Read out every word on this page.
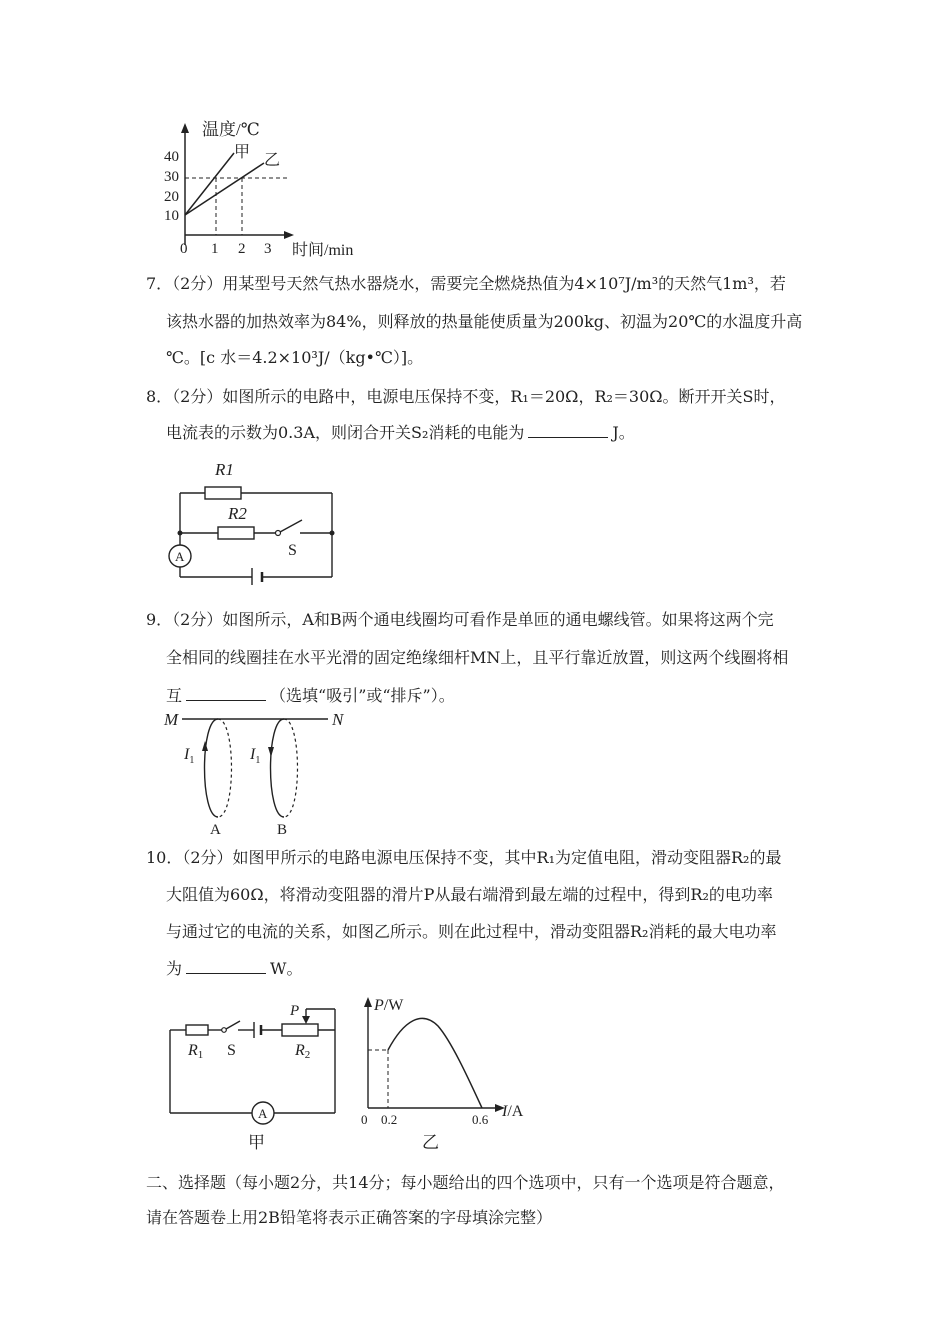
温度/℃
时间/min
40
30
20
10
0 1 2 3
甲 乙
7．（2分）用某型号天然气热水器烧水，需要完全燃烧热值为4×10⁷J/m³的天然气1m³，若
该热水器的加热效率为84%，则释放的热量能使质量为200kg、初温为20℃的水温度升高
℃。[c 水＝4.2×10³J/（kg•℃）]。
8．（2分）如图所示的电路中，电源电压保持不变，R₁＝20Ω，R₂＝30Ω。断开开关S时，
电流表的示数为0.3A，则闭合开关S₂消耗的电能为	J。
R1
R2
S
A
9．（2分）如图所示，A和B两个通电线圈均可看作是单匝的通电螺线管。如果将这两个完
全相同的线圈挂在水平光滑的固定绝缘细杆MN上，且平行靠近放置，则这两个线圈将相
互	（选填“吸引”或“排斥”）。
M	N
$I_1$
A
$I_1$
B
10．（2分）如图甲所示的电路电源电压保持不变，其中R₁为定值电阻，滑动变阻器R₂的最
大阻值为60Ω，将滑动变阻器的滑片P从最右端滑到最左端的过程中，得到R₂的电功率
与通过它的电流的关系，如图乙所示。则在此过程中，滑动变阻器R₂消耗的最大电功率
为	W。
A
R1 S
P
R2
甲
P/W
I/A
0 0.2	0.6
乙
二、选择题（每小题2分，共14分；每小题给出的四个选项中，只有一个选项是符合题意，
请在答题卷上用2B铅笔将表示正确答案的字母填涂完整）
